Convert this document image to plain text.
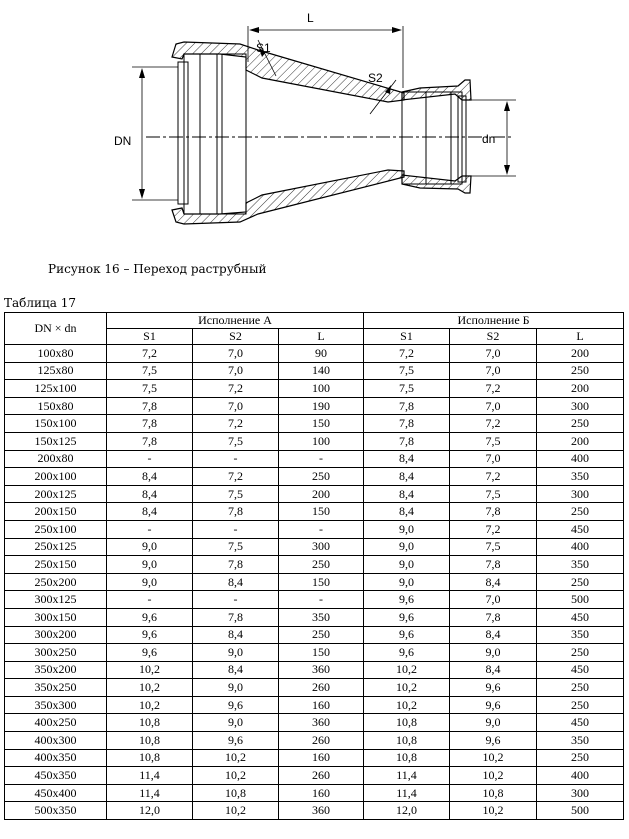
L
S1
S2
DN	dn
Рисунок 16 – Переход раструбный
Таблица 17
DN × dn	Исполнение А			Исполнение Б		
	S1	S2	L	S1	S2	L
100x80	7,2	7,0	90	7,2	7,0	200
125x80	7,5	7,0	140	7,5	7,0	250
125x100	7,5	7,2	100	7,5	7,2	200
150x80	7,8	7,0	190	7,8	7,0	300
150x100	7,8	7,2	150	7,8	7,2	250
150x125	7,8	7,5	100	7,8	7,5	200
200x80	-	-	-	8,4	7,0	400
200x100	8,4	7,2	250	8,4	7,2	350
200x125	8,4	7,5	200	8,4	7,5	300
200x150	8,4	7,8	150	8,4	7,8	250
250x100	-	-	-	9,0	7,2	450
250x125	9,0	7,5	300	9,0	7,5	400
250x150	9,0	7,8	250	9,0	7,8	350
250x200	9,0	8,4	150	9,0	8,4	250
300x125	-	-	-	9,6	7,0	500
300x150	9,6	7,8	350	9,6	7,8	450
300x200	9,6	8,4	250	9,6	8,4	350
300x250	9,6	9,0	150	9,6	9,0	250
350x200	10,2	8,4	360	10,2	8,4	450
350x250	10,2	9,0	260	10,2	9,6	250
350x300	10,2	9,6	160	10,2	9,6	250
400x250	10,8	9,0	360	10,8	9,0	450
400x300	10,8	9,6	260	10,8	9,6	350
400x350	10,8	10,2	160	10,8	10,2	250
450x350	11,4	10,2	260	11,4	10,2	400
450x400	11,4	10,8	160	11,4	10,8	300
500x350	12,0	10,2	360	12,0	10,2	500
